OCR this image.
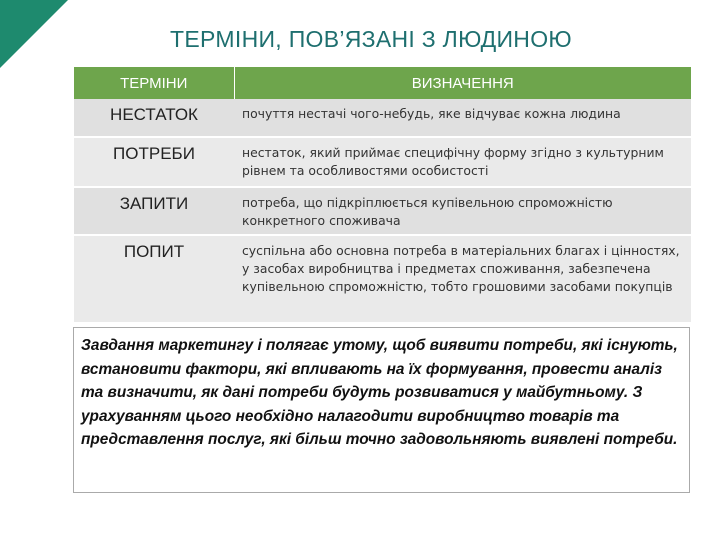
ТЕРМІНИ, ПОВ’ЯЗАНІ З ЛЮДИНОЮ
ТЕРМІНИ	ВИЗНАЧЕННЯ
НЕСТАТОК	почуття нестачі чого-небудь, яке відчуває кожна людина
ПОТРЕБИ	нестаток, який приймає специфічну форму згідно з культурним рівнем та особливостями особистості
ЗАПИТИ	потреба, що підкріплюється купівельною спроможністю конкретного споживача
ПОПИТ	суспільна або основна потреба в матеріальних благах і цінностях, у засобах виробництва і предметах споживання, забезпечена купівельною спроможністю, тобто грошовими засобами покупців
Завдання маркетингу і полягає утому, щоб виявити потреби, які існують, встановити фактори, які впливають на їх формування, провести аналіз та визначити, як дані потреби будуть розвиватися у майбутньому. З урахуванням цього необхідно налагодити виробництво товарів та представлення послуг, які більш точно задовольняють виявлені потреби.
